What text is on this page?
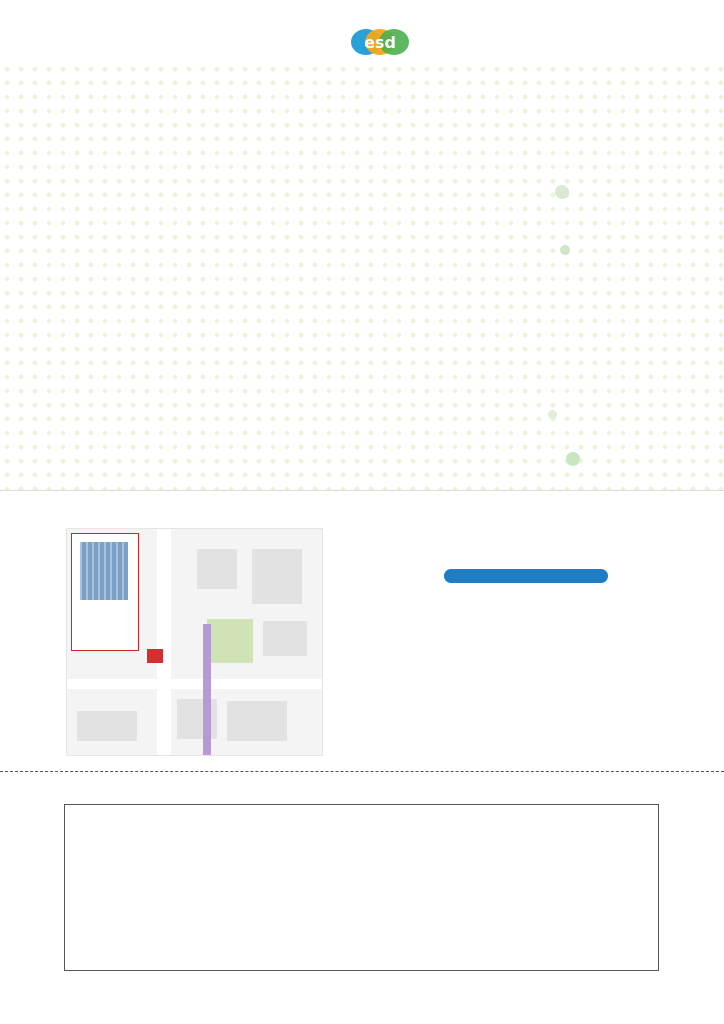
esd
